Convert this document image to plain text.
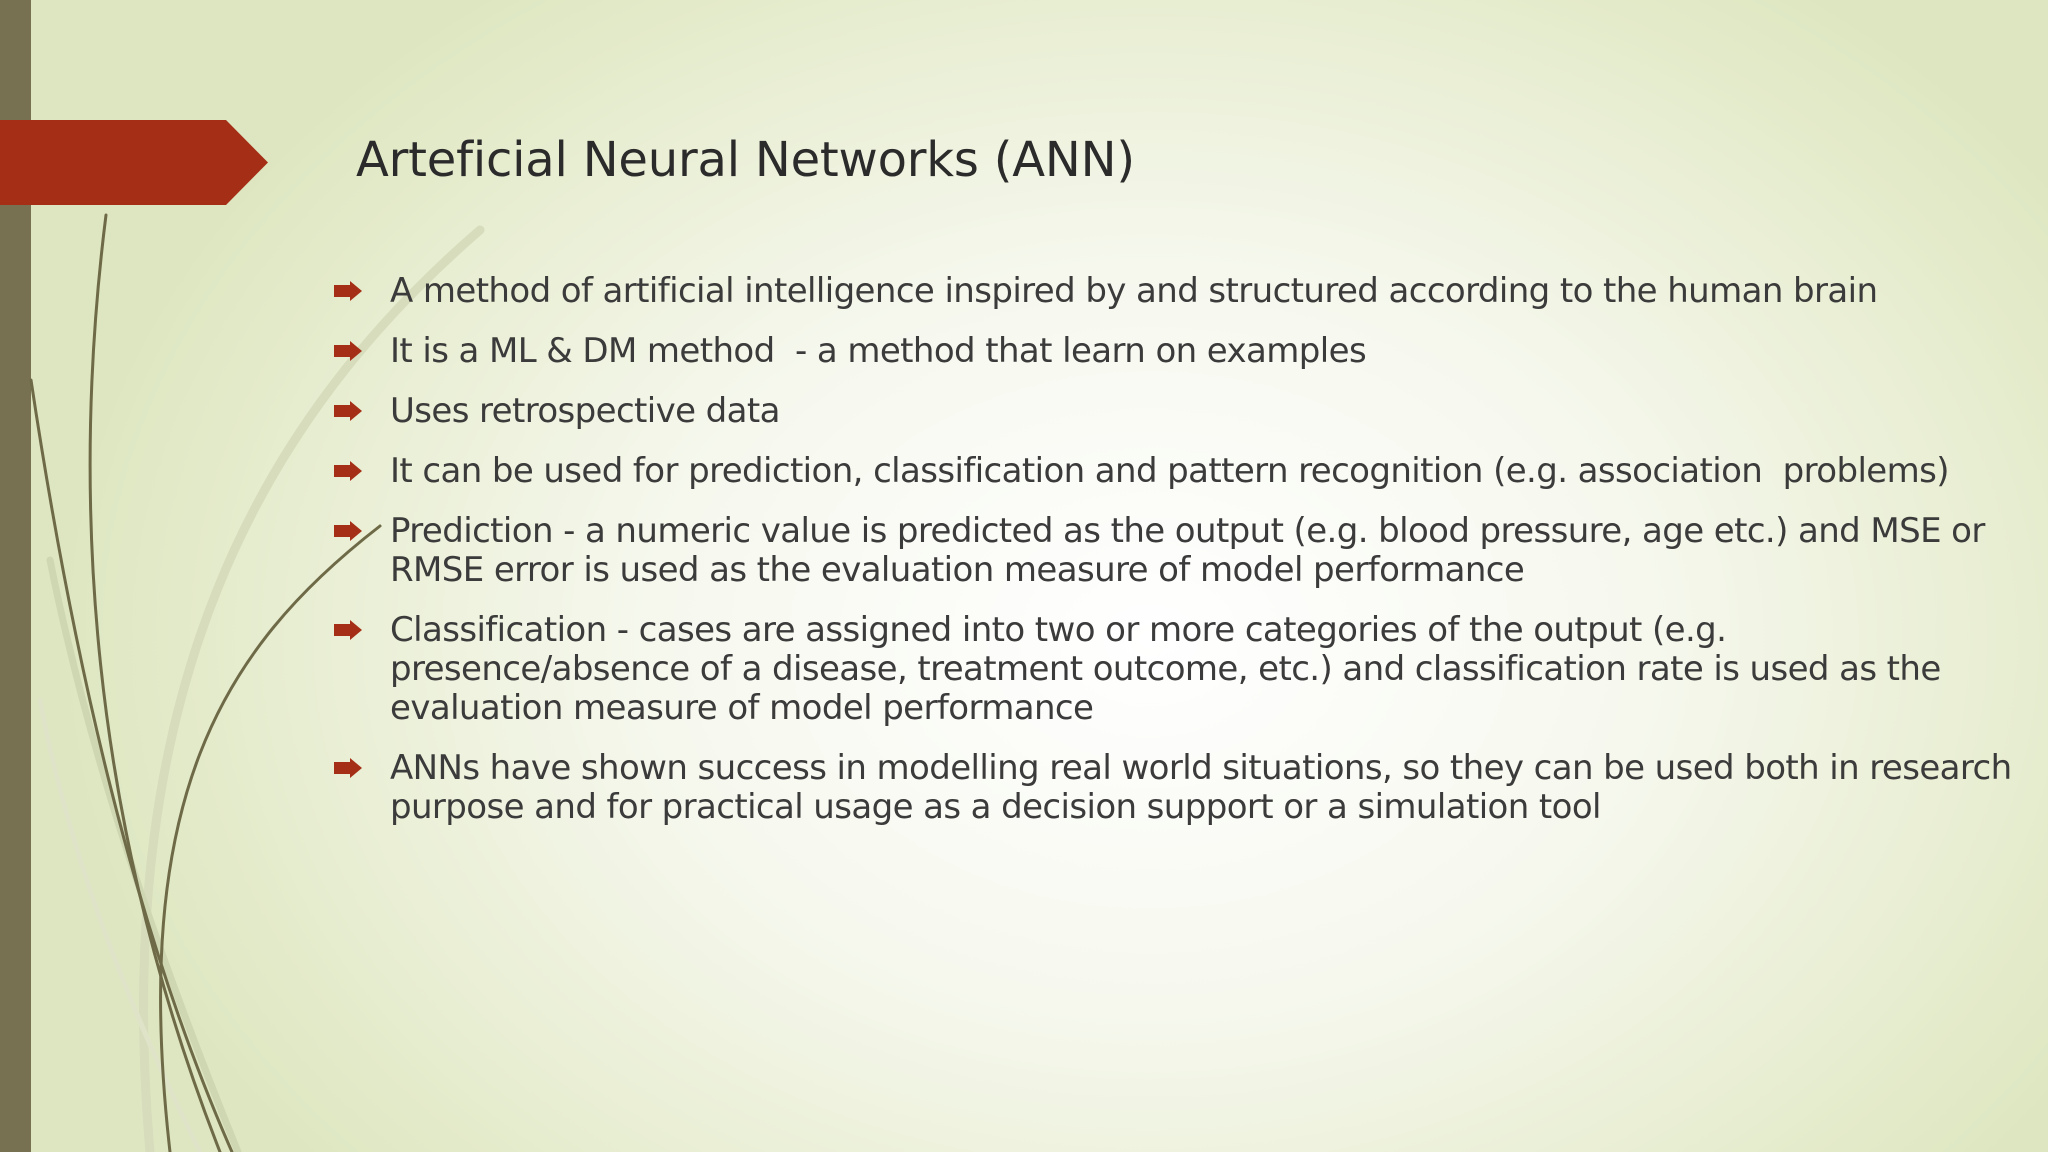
Arteficial Neural Networks (ANN)
A method of artificial intelligence inspired by and structured according to the human brain
It is a ML & DM method  - a method that learn on examples
Uses retrospective data
It can be used for prediction, classification and pattern recognition (e.g. association  problems)
Prediction - a numeric value is predicted as the output (e.g. blood pressure, age etc.) and MSE or RMSE error is used as the evaluation measure of model performance
Classification - cases are assigned into two or more categories of the output (e.g. presence/absence of a disease, treatment outcome, etc.) and classification rate is used as the evaluation measure of model performance
ANNs have shown success in modelling real world situations, so they can be used both in research purpose and for practical usage as a decision support or a simulation tool
